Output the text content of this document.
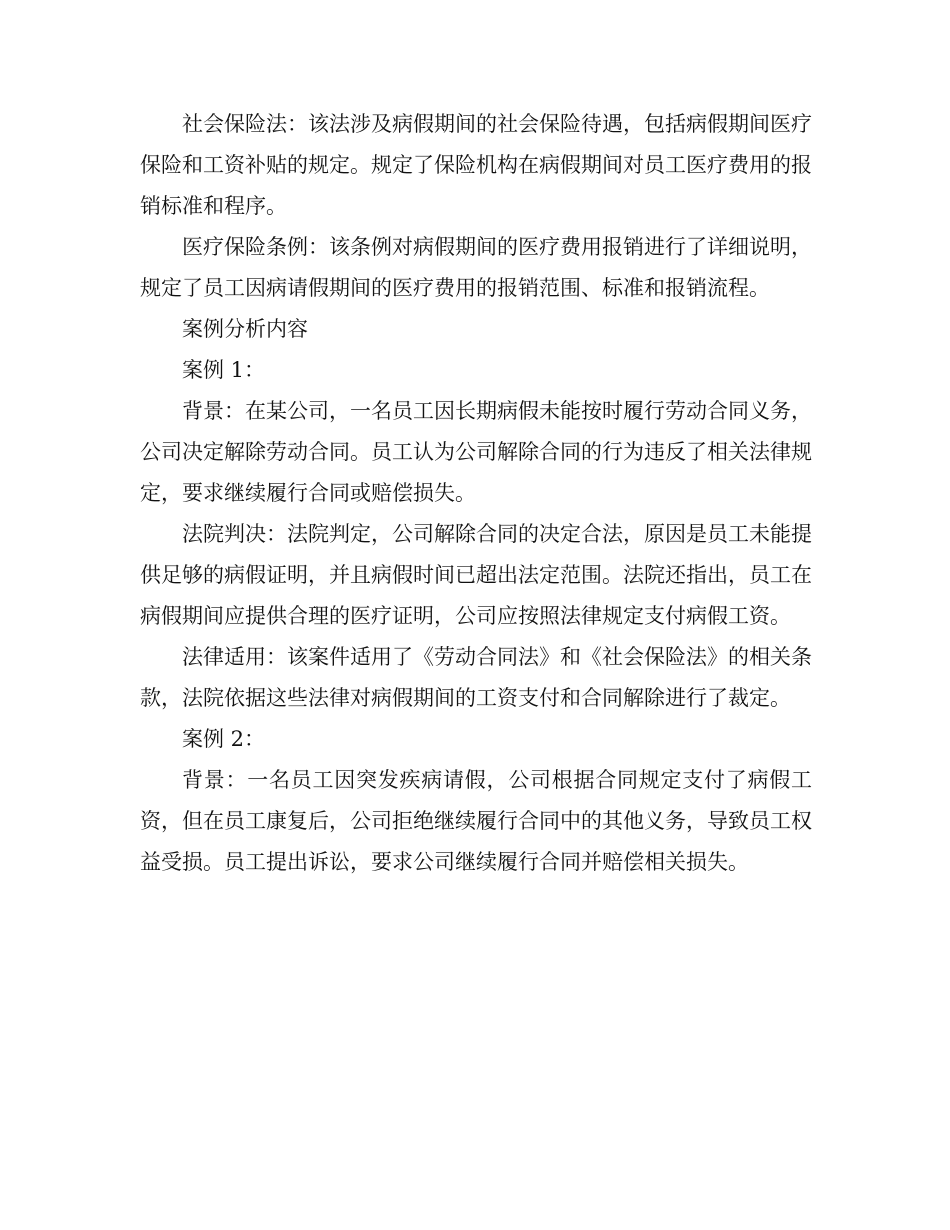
社会保险法：该法涉及病假期间的社会保险待遇，包括病假期间医疗保险和工资补贴的规定。规定了保险机构在病假期间对员工医疗费用的报销标准和程序。

医疗保险条例：该条例对病假期间的医疗费用报销进行了详细说明，规定了员工因病请假期间的医疗费用的报销范围、标准和报销流程。

案例分析内容

案例 1：

背景：在某公司，一名员工因长期病假未能按时履行劳动合同义务，公司决定解除劳动合同。员工认为公司解除合同的行为违反了相关法律规定，要求继续履行合同或赔偿损失。

法院判决：法院判定，公司解除合同的决定合法，原因是员工未能提供足够的病假证明，并且病假时间已超出法定范围。法院还指出，员工在病假期间应提供合理的医疗证明，公司应按照法律规定支付病假工资。

法律适用：该案件适用了《劳动合同法》和《社会保险法》的相关条款，法院依据这些法律对病假期间的工资支付和合同解除进行了裁定。

案例 2：

背景：一名员工因突发疾病请假，公司根据合同规定支付了病假工资，但在员工康复后，公司拒绝继续履行合同中的其他义务，导致员工权益受损。员工提出诉讼，要求公司继续履行合同并赔偿相关损失。
